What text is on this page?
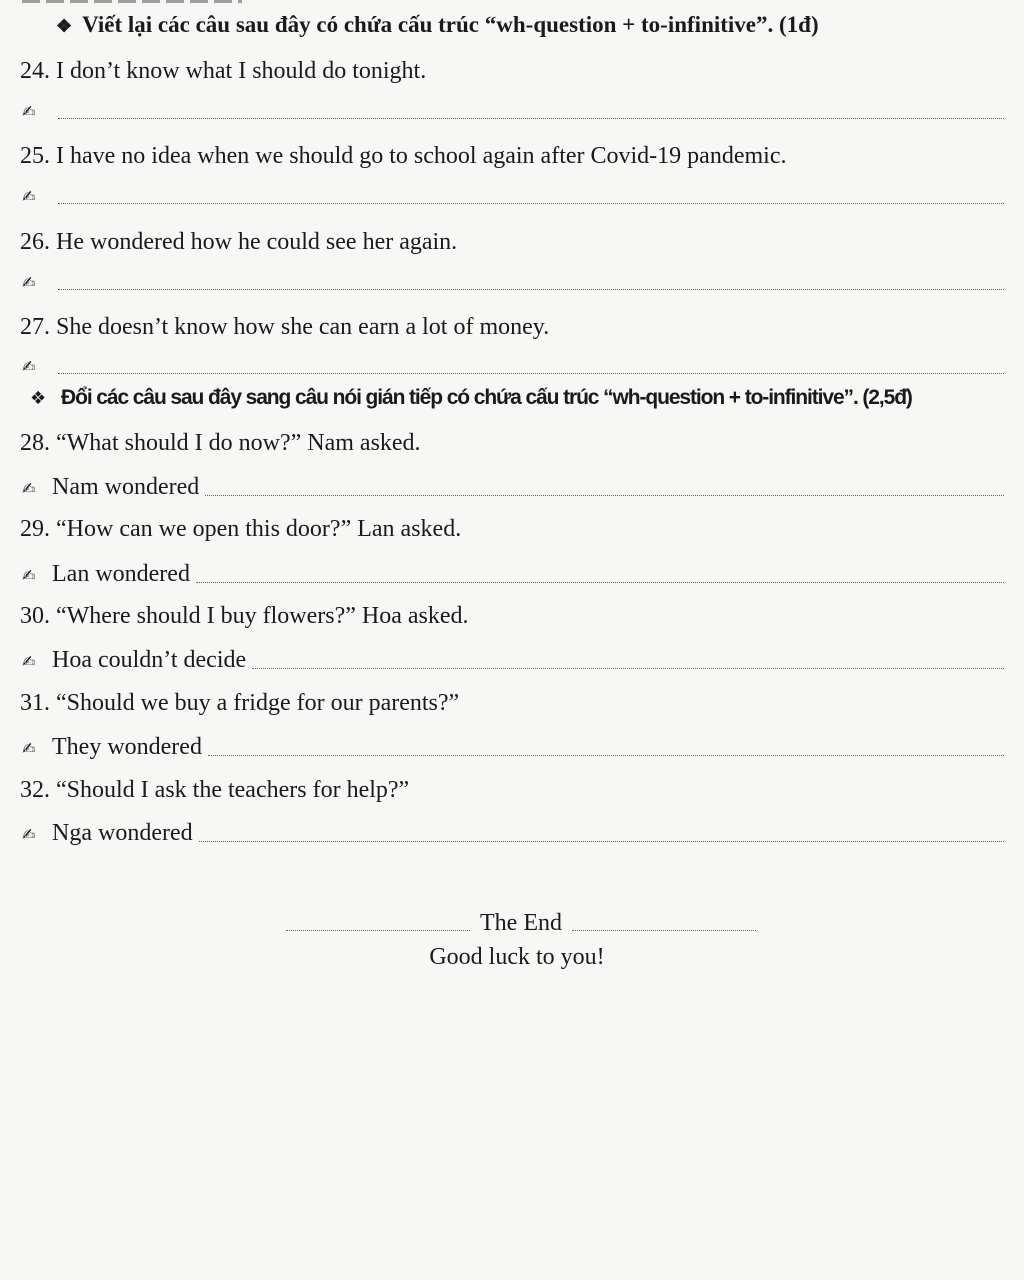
❖ Viết lại các câu sau đây có chứa cấu trúc “wh-question + to-infinitive”. (1đ)
24. I don’t know what I should do tonight.
✍
25. I have no idea when we should go to school again after Covid-19 pandemic.
✍
26. He wondered how he could see her again.
✍
27. She doesn’t know how she can earn a lot of money.
✍
❖ Đổi các câu sau đây sang câu nói gián tiếp có chứa cấu trúc “wh-question + to-infinitive”. (2,5đ)
28. “What should I do now?” Nam asked.
✍ Nam wondered
29. “How can we open this door?” Lan asked.
✍ Lan wondered
30. “Where should I buy flowers?” Hoa asked.
✍ Hoa couldn’t decide
31. “Should we buy a fridge for our parents?”
✍ They wondered
32. “Should I ask the teachers for help?”
✍ Nga wondered
The End
Good luck to you!
